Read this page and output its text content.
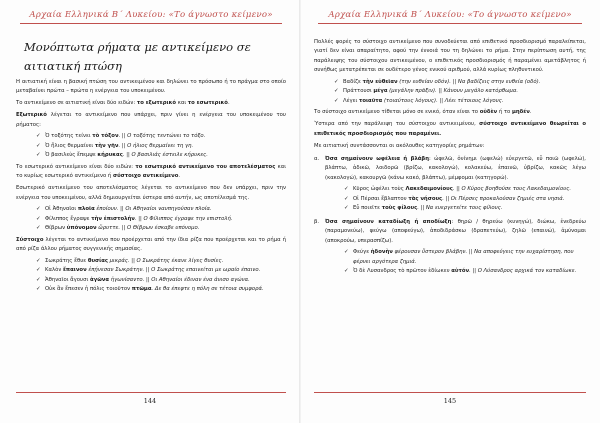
Αρχαία Ελληνικά Β΄ Λυκείου: «Το άγνωστο κείμενο»
Μονόπτωτα ρήματα με αντικείμενο σε αιτιατική πτώση

Η αιτιατική είναι η βασική πτώση του αντικειμένου και δηλώνει το πρόσωπο ή το πράγμα στο οποίο μεταβαίνει πρώτα – πρώτα η ενέργεια του υποκειμένου.

Το αντικείμενο σε αιτιατική είναι δύο ειδών: το εξωτερικό και το εσωτερικό.

Εξωτερικό λέγεται το αντικείμενο που υπάρχει, πριν γίνει η ενέργεια του υποκειμένου του ρήματος:

✓ Ὁ τοξότης τείνει τὸ τόξον. || Ο τοξότης τεντώνει το τόξο.
✓ Ὁ ἥλιος θερμαίνει τὴν γῆν. || Ο ήλιος θερμαίνει τη γη.
✓ Ὁ βασιλεὺς ἔπεμψε κήρυκας. || Ο βασιλιάς έστειλε κήρυκες.

Το εσωτερικό αντικείμενο είναι δύο ειδών: το εσωτερικό αντικείμενο του αποτελέσματος και το κυρίως εσωτερικό αντικείμενο ή σύστοιχο αντικείμενο.

Εσωτερικό αντικείμενο του αποτελέσματος λέγεται το αντικείμενο που δεν υπάρχει, πριν την ενέργεια του υποκειμένου, αλλά δημιουργείται ύστερα από αυτήν, ως αποτέλεσμά της.

✓ Οἱ Ἀθηναῖοι πλοῖα ἐποίουν. || Οι Αθηναίοι ναυπηγούσαν πλοία.
✓ Φίλιππος ἔγραψε τὴν ἐπιστολήν. || Ο Φίλιππος έγραψε την επιστολή.
✓ Θίβρων ὑπόνομον ὤρυττε. || Ο Θίβρων έσκαβε υπόνομο.

Σύστοιχο λέγεται το αντικείμενο που προέρχεται από την ίδια ρίζα που προέρχεται και το ρήμα ή από ρίζα άλλου ρήματος συγγενικής σημασίας.

✓ Σωκράτης ἔθυε θυσίας μικράς. || Ο Σωκράτης έκανε λίγες θυσίες.
✓ Καλὸν ἔπαινον ἐπῄνεσαν Σωκράτην. || Ο Σωκράτης επαινείται με ωραίο έπαινο.
✓ Ἀθηναῖοι ἄγουσι ἀγῶνα ἠγωνίσαντο. || Οι Αθηναίοι έδιναν ένα άνισο αγώνα.
✓ Οὐκ ἂν ἔπεσεν ἡ πόλις τοιοῦτον πτῶμα. Δε θα έπεφτε η πόλη σε τέτοια συμφορά.
144
Αρχαία Ελληνικά Β΄ Λυκείου: «Το άγνωστο κείμενο»

Πολλές φορές το σύστοιχο αντικείμενο που συνοδεύεται από επιθετικό προσδιορισμό παραλείπεται, γιατί δεν είναι απαραίτητο, αφού την έννοιά του τη δηλώνει το ρήμα. Στην περίπτωση αυτή, της παράλειψης του σύστοιχου αντικειμένου, ο επιθετικός προσδιορισμός ή παραμένει αμετάβλητος ή συνήθως μετατρέπεται σε ουδέτερο γένος ενικού αριθμού, αλλά κυρίως πληθυντικού.

✓ Βαδίζε τὴν εὐθεῖαν (την ευθείαν οδόν). || Να βαδίζεις στην ευθεία (οδό).
✓ Πράττουσι μέγα (μεγάλην πρᾶξιν). || Κάνουν μεγάλο κατόρθωμα.
✓ Λέγει τοιαῦτα (τοιαύτους λόγους). || Λέει τέτοιους λόγους.

Το σύστοιχο αντικείμενο τίθεται μόνο σε ενικό, όταν είναι το οὐδὲν ή το μηδέν.

Ύστερα από την παράλειψη του σύστοιχου αντικειμένου, σύστοιχο αντικείμενο θεωρείται ο επιθετικός προσδιορισμός που παραμένει.

Με αιτιατική συντάσσονται οι ακόλουθες κατηγορίες ρημάτων:

α. Όσα σημαίνουν ωφέλεια ή βλάβη: ὠφελῶ, ὀνίνημι (ωφελώ) εὐεργετῶ, εὖ ποιῶ (ωφελώ), βλάπτω, ἀδικῶ, λοιδορῶ (βρίζω, κακολογώ), κολακεύω, ἐπαινῶ, ὑβρίζω, κακῶς λέγω (κακολογώ), κακουργῶ (κάνω κακό, βλάπτω), μέμφομαι (κατηγορώ).
✓ Κῦρος ὠφέλει τοὺς Λακεδαιμονίους. || Ο Κύρος βοηθούσε τους Λακεδαιμονίους.
✓ Οἱ Πέρσαι ἔβλαπτον τὰς νήσους. || Οι Πέρσες προκαλούσαν ζημιές στα νησιά.
✓ Εὖ ποιεῖτε τοὺς φίλους. || Να ευεργετείτε τους φίλους.
β. Όσα σημαίνουν καταδίωξη ή αποδίωξη: θηρῶ / θηρεύω (κυνηγώ), διώκω, ἐνεδρεύω (παραμονεύω), φεύγω (αποφεύγω), ἀποδιδράσκω (δραπετεύω), ζηλῶ (επαινώ), ἀμύνομαι (αποκρούω, υπερασπίζω).
✓ Φεύγε ἡδονὴν φέρουσαν ὕστερον βλάβην. || Να αποφεύγεις την ευχαρίστηση, που φέρνει αργότερα ζημιά.
✓ Ὁ δὲ Λυσανδρος τὸ πρῶτον ἐδίωκεν αὐτόν. || Ο Λύσανδρος αρχικά τον καταδίωκε.
145
